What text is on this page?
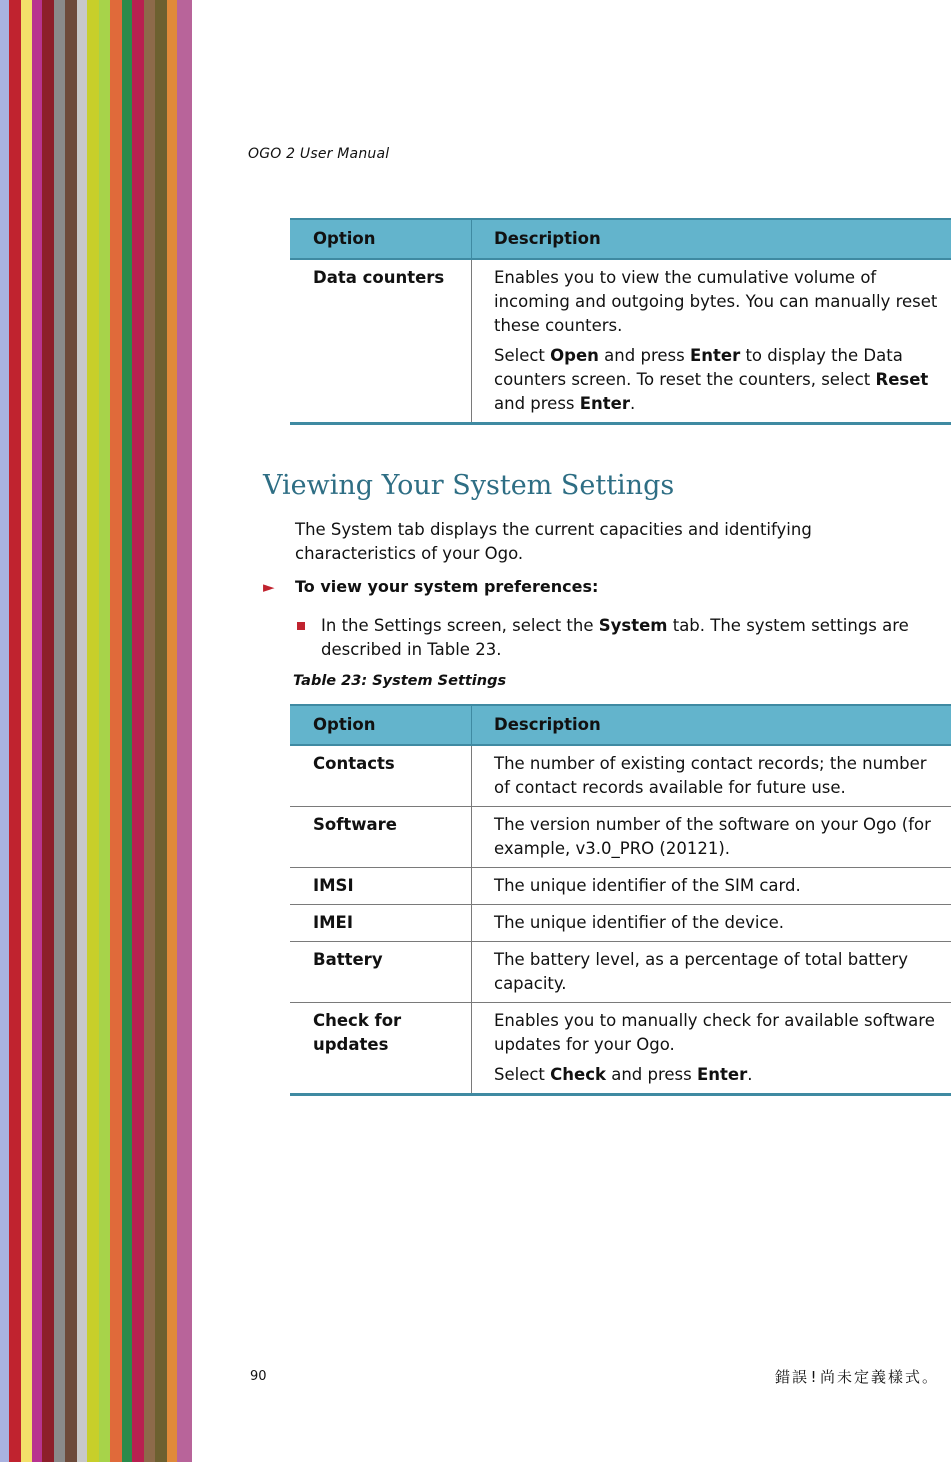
OGO 2 User Manual
Option	Description
Data counters	Enables you to view the cumulative volume of incoming and outgoing bytes. You can manually reset these counters.

Select Open and press Enter to display the Data counters screen. To reset the counters, select Reset and press Enter.

Viewing Your System Settings

The System tab displays the current capacities and identifying characteristics of your Ogo.

►	To view your system preferences:
In the Settings screen, select the System tab. The system settings are described in Table 23.
Table 23: System Settings
Option	Description
Contacts	The number of existing contact records; the number of contact records available for future use.
Software	The version number of the software on your Ogo (for example, v3.0_PRO (20121).
IMSI	The unique identifier of the SIM card.
IMEI	The unique identifier of the device.
Battery	The battery level, as a percentage of total battery capacity.
Check for updates	Enables you to manually check for available software updates for your Ogo.

Select Check and press Enter.

90	錯誤!尚未定義樣式。
